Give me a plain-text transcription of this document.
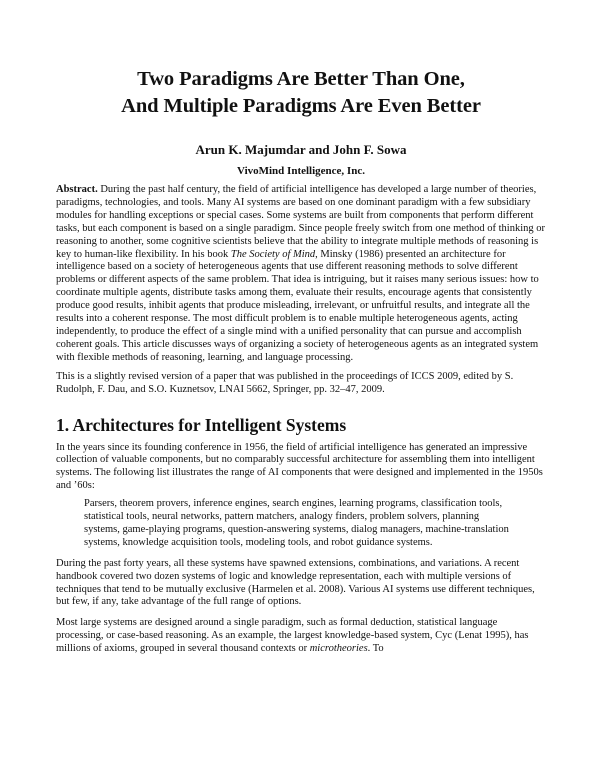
Two Paradigms Are Better Than One,
And Multiple Paradigms Are Even Better
Arun K. Majumdar and John F. Sowa
VivoMind Intelligence, Inc.

Abstract. During the past half century, the field of artificial intelligence has developed a large number of theories, paradigms, technologies, and tools. Many AI systems are based on one dominant paradigm with a few subsidiary modules for handling exceptions or special cases. Some systems are built from components that perform different tasks, but each component is based on a single paradigm. Since people freely switch from one method of thinking or reasoning to another, some cognitive scientists believe that the ability to integrate multiple methods of reasoning is key to human-like flexibility. In his book The Society of Mind, Minsky (1986) presented an architecture for intelligence based on a society of heterogeneous agents that use different reasoning methods to solve different problems or different aspects of the same problem. That idea is intriguing, but it raises many serious issues: how to coordinate multiple agents, distribute tasks among them, evaluate their results, encourage agents that consistently produce good results, inhibit agents that produce misleading, irrelevant, or unfruitful results, and integrate all the results into a coherent response. The most difficult problem is to enable multiple heterogeneous agents, acting independently, to produce the effect of a single mind with a unified personality that can pursue and accomplish coherent goals. This article discusses ways of organizing a society of heterogeneous agents as an integrated system with flexible methods of reasoning, learning, and language processing.

This is a slightly revised version of a paper that was published in the proceedings of ICCS 2009, edited by S. Rudolph, F. Dau, and S.O. Kuznetsov, LNAI 5662, Springer, pp. 32–47, 2009.

1. Architectures for Intelligent Systems

In the years since its founding conference in 1956, the field of artificial intelligence has generated an impressive collection of valuable components, but no comparably successful architecture for assembling them into intelligent systems. The following list illustrates the range of AI components that were designed and implemented in the 1950s and ’60s:

Parsers, theorem provers, inference engines, search engines, learning programs, classification tools, statistical tools, neural networks, pattern matchers, analogy finders, problem solvers, planning systems, game-playing programs, question-answering systems, dialog managers, machine-translation systems, knowledge acquisition tools, modeling tools, and robot guidance systems.

During the past forty years, all these systems have spawned extensions, combinations, and variations. A recent handbook covered two dozen systems of logic and knowledge representation, each with multiple versions of techniques that tend to be mutually exclusive (Harmelen et al. 2008). Various AI systems use different techniques, but few, if any, take advantage of the full range of options.

Most large systems are designed around a single paradigm, such as formal deduction, statistical language processing, or case-based reasoning. As an example, the largest knowledge-based system, Cyc (Lenat 1995), has millions of axioms, grouped in several thousand contexts or microtheories. To
